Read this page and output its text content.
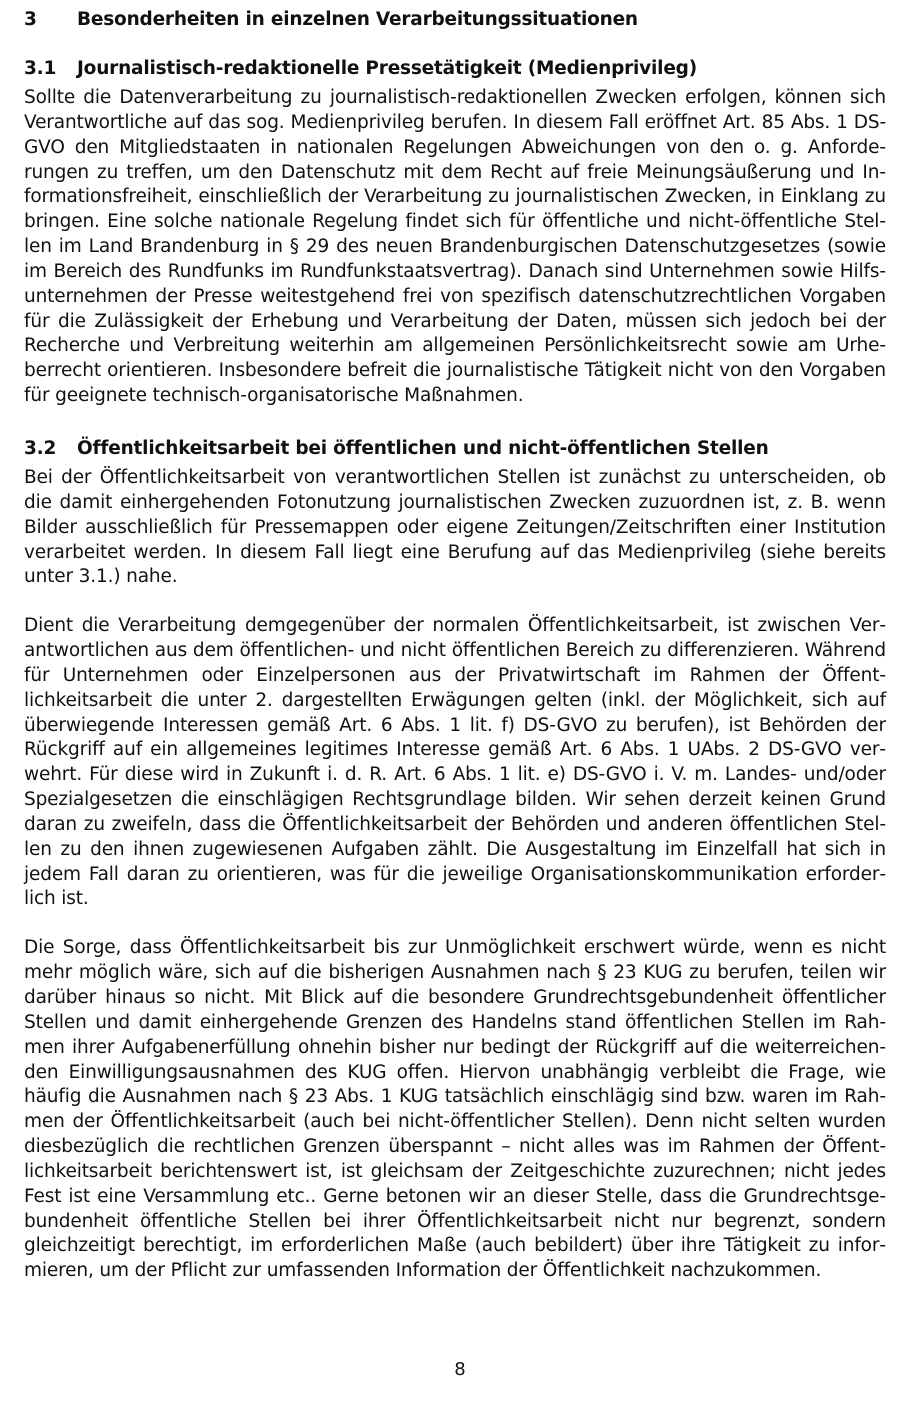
3	Besonderheiten in einzelnen Verarbeitungssituationen
3.1	Journalistisch-redaktionelle Pressetätigkeit (Medienprivileg)

Sollte die Datenverarbeitung zu journalistisch-redaktionellen Zwecken erfolgen, können sich Verantwortliche auf das sog. Medienprivileg berufen. In diesem Fall eröffnet Art. 85 Abs. 1 DS-GVO den Mitgliedstaaten in nationalen Regelungen Abweichungen von den o. g. Anforderungen zu treffen, um den Datenschutz mit dem Recht auf freie Meinungsäußerung und Informationsfreiheit, einschließlich der Verarbeitung zu journalistischen Zwecken, in Einklang zu bringen. Eine solche nationale Regelung findet sich für öffentliche und nicht-öffentliche Stellen im Land Brandenburg in § 29 des neuen Brandenburgischen Datenschutzgesetzes (sowie im Bereich des Rundfunks im Rundfunkstaatsvertrag). Danach sind Unternehmen sowie Hilfsunternehmen der Presse weitestgehend frei von spezifisch datenschutzrechtlichen Vorgaben für die Zulässigkeit der Erhebung und Verarbeitung der Daten, müssen sich jedoch bei der Recherche und Verbreitung weiterhin am allgemeinen Persönlichkeitsrecht sowie am Urheberrecht orientieren. Insbesondere befreit die journalistische Tätigkeit nicht von den Vorgaben für geeignete technisch-organisatorische Maßnahmen.

3.2	Öffentlichkeitsarbeit bei öffentlichen und nicht-öffentlichen Stellen

Bei der Öffentlichkeitsarbeit von verantwortlichen Stellen ist zunächst zu unterscheiden, ob die damit einhergehenden Fotonutzung journalistischen Zwecken zuzuordnen ist, z. B. wenn Bilder ausschließlich für Pressemappen oder eigene Zeitungen/Zeitschriften einer Institution verarbeitet werden. In diesem Fall liegt eine Berufung auf das Medienprivileg (siehe bereits unter 3.1.) nahe.

Dient die Verarbeitung demgegenüber der normalen Öffentlichkeitsarbeit, ist zwischen Verantwortlichen aus dem öffentlichen- und nicht öffentlichen Bereich zu differenzieren. Während für Unternehmen oder Einzelpersonen aus der Privatwirtschaft im Rahmen der Öffentlichkeitsarbeit die unter 2. dargestellten Erwägungen gelten (inkl. der Möglichkeit, sich auf überwiegende Interessen gemäß Art. 6 Abs. 1 lit. f) DS-GVO zu berufen), ist Behörden der Rückgriff auf ein allgemeines legitimes Interesse gemäß Art. 6 Abs. 1 UAbs. 2 DS-GVO verwehrt. Für diese wird in Zukunft i. d. R. Art. 6 Abs. 1 lit. e) DS-GVO i. V. m. Landes- und/oder Spezialgesetzen die einschlägigen Rechtsgrundlage bilden. Wir sehen derzeit keinen Grund daran zu zweifeln, dass die Öffentlichkeitsarbeit der Behörden und anderen öffentlichen Stellen zu den ihnen zugewiesenen Aufgaben zählt. Die Ausgestaltung im Einzelfall hat sich in jedem Fall daran zu orientieren, was für die jeweilige Organisationskommunikation erforderlich ist.

Die Sorge, dass Öffentlichkeitsarbeit bis zur Unmöglichkeit erschwert würde, wenn es nicht mehr möglich wäre, sich auf die bisherigen Ausnahmen nach § 23 KUG zu berufen, teilen wir darüber hinaus so nicht. Mit Blick auf die besondere Grundrechtsgebundenheit öffentlicher Stellen und damit einhergehende Grenzen des Handelns stand öffentlichen Stellen im Rahmen ihrer Aufgabenerfüllung ohnehin bisher nur bedingt der Rückgriff auf die weiterreichenden Einwilligungsausnahmen des KUG offen. Hiervon unabhängig verbleibt die Frage, wie häufig die Ausnahmen nach § 23 Abs. 1 KUG tatsächlich einschlägig sind bzw. waren im Rahmen der Öffentlichkeitsarbeit (auch bei nicht-öffentlicher Stellen). Denn nicht selten wurden diesbezüglich die rechtlichen Grenzen überspannt – nicht alles was im Rahmen der Öffentlichkeitsarbeit berichtenswert ist, ist gleichsam der Zeitgeschichte zuzurechnen; nicht jedes Fest ist eine Versammlung etc.. Gerne betonen wir an dieser Stelle, dass die Grundrechtsgebundenheit öffentliche Stellen bei ihrer Öffentlichkeitsarbeit nicht nur begrenzt, sondern gleichzeitigt berechtigt, im erforderlichen Maße (auch bebildert) über ihre Tätigkeit zu informieren, um der Pflicht zur umfassenden Information der Öffentlichkeit nachzukommen.

8
